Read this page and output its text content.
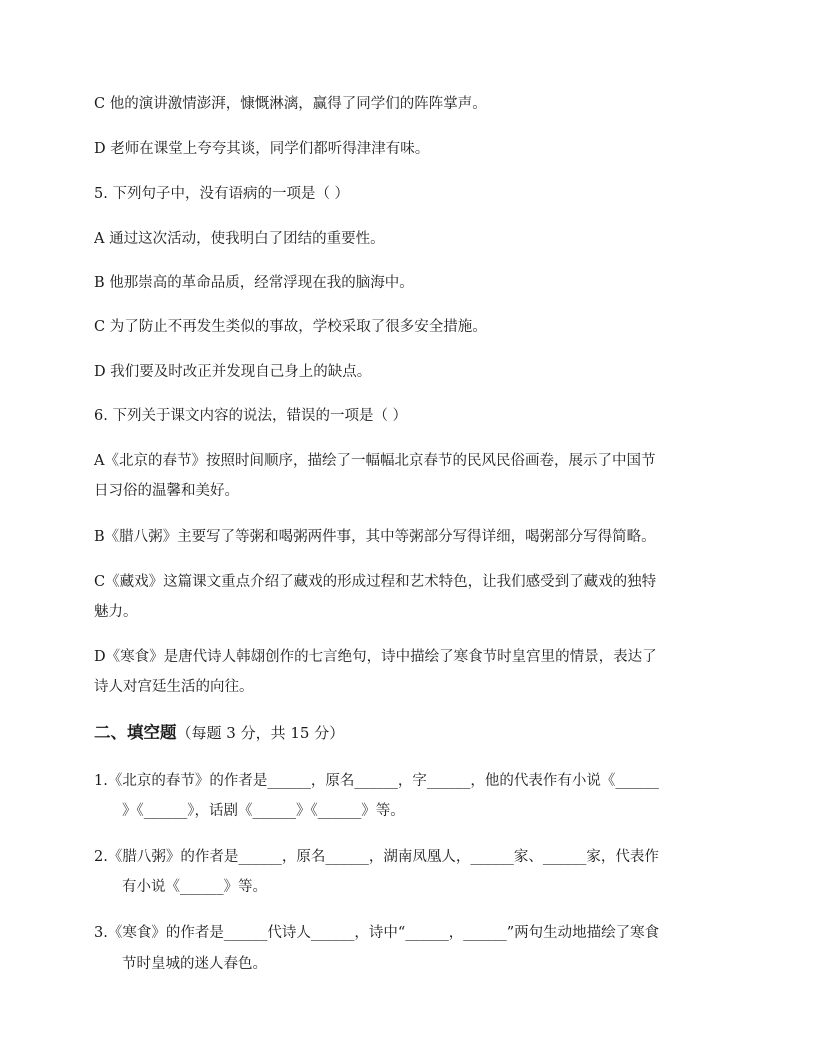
C 他的演讲激情澎湃，慷慨淋漓，赢得了同学们的阵阵掌声。
D 老师在课堂上夸夸其谈，同学们都听得津津有味。
5. 下列句子中，没有语病的一项是（ ）
A 通过这次活动，使我明白了团结的重要性。
B 他那崇高的革命品质，经常浮现在我的脑海中。
C 为了防止不再发生类似的事故，学校采取了很多安全措施。
D 我们要及时改正并发现自己身上的缺点。
6. 下列关于课文内容的说法，错误的一项是（ ）
A《北京的春节》按照时间顺序，描绘了一幅幅北京春节的民风民俗画卷，展示了中国节
日习俗的温馨和美好。
B《腊八粥》主要写了等粥和喝粥两件事，其中等粥部分写得详细，喝粥部分写得简略。
C《藏戏》这篇课文重点介绍了藏戏的形成过程和艺术特色，让我们感受到了藏戏的独特
魅力。
D《寒食》是唐代诗人韩翃创作的七言绝句，诗中描绘了寒食节时皇宫里的情景，表达了
诗人对宫廷生活的向往。
二、填空题（每题 3 分，共 15 分）
1.《北京的春节》的作者是______，原名______，字______，他的代表作有小说《______
》《______》，话剧《______》《______》等。
2.《腊八粥》的作者是______，原名______，湖南凤凰人，______家、______家，代表作
有小说《______》等。
3.《寒食》的作者是______代诗人______，诗中“______，______”两句生动地描绘了寒食
节时皇城的迷人春色。
